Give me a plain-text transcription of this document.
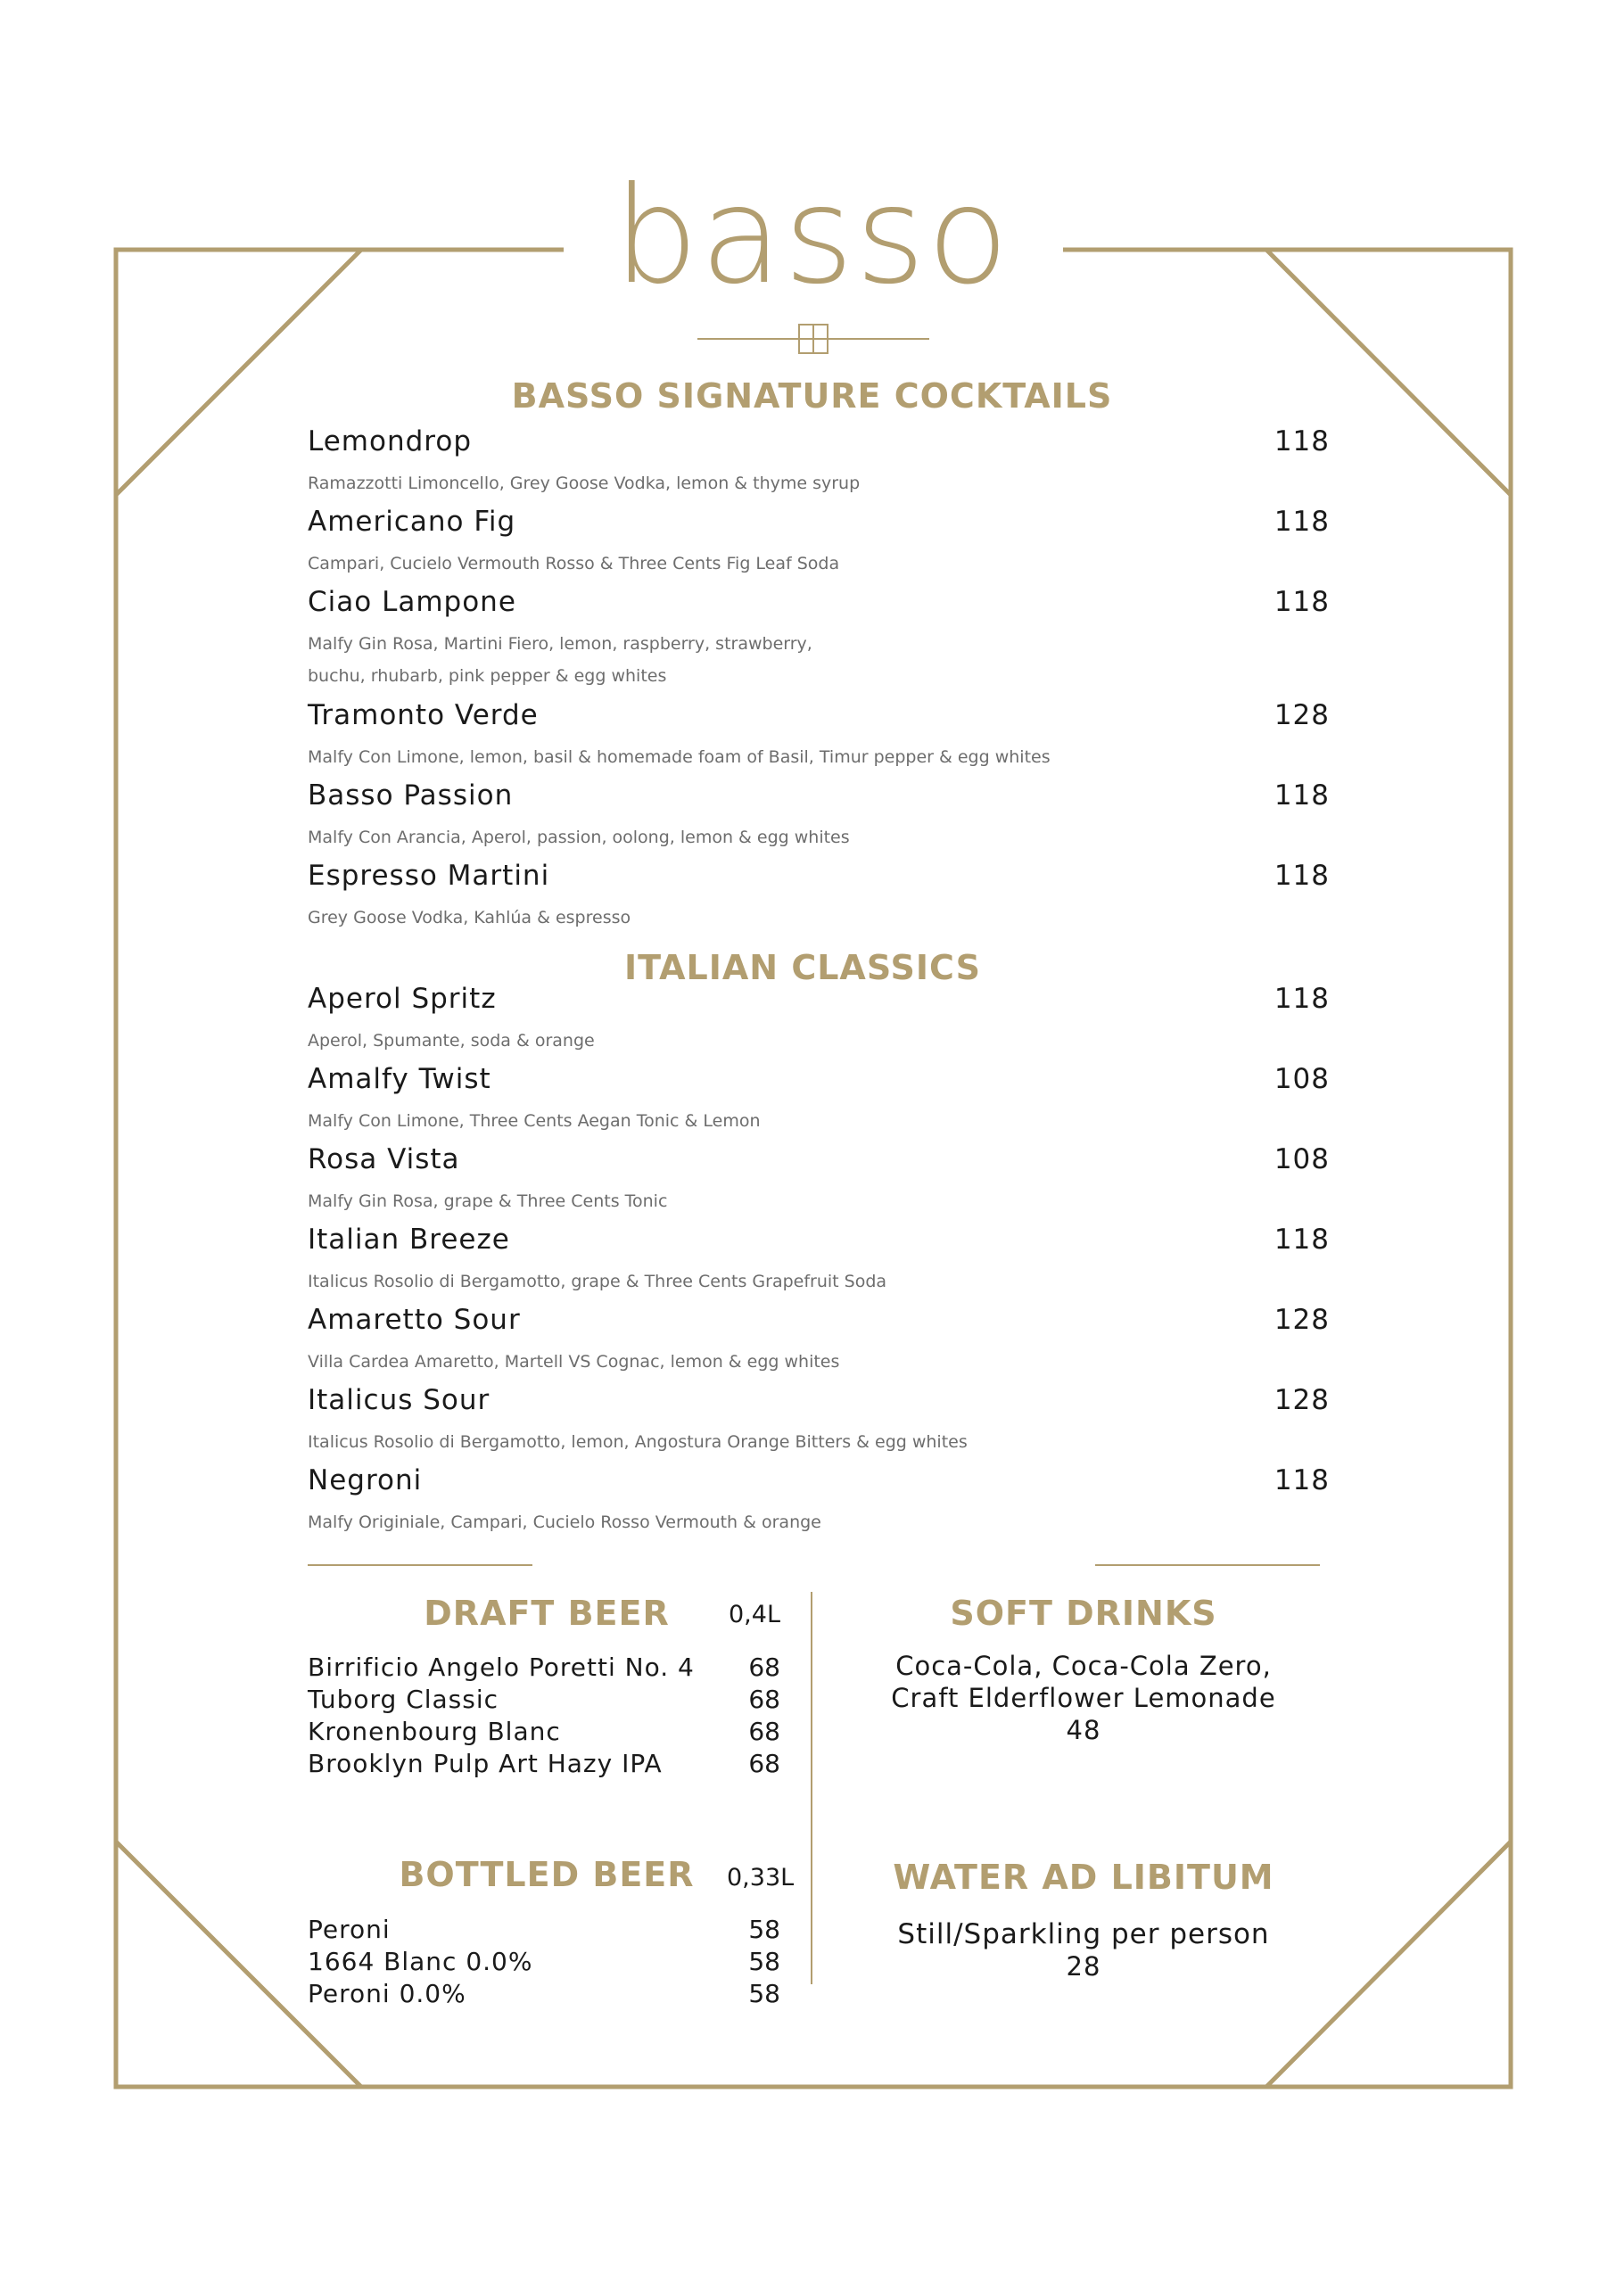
basso
BASSO SIGNATURE COCKTAILS
Lemondrop	118
Ramazzotti Limoncello, Grey Goose Vodka, lemon & thyme syrup
Americano Fig	118
Campari, Cucielo Vermouth Rosso & Three Cents Fig Leaf Soda
Ciao Lampone	118
Malfy Gin Rosa, Martini Fiero, lemon, raspberry, strawberry,
buchu, rhubarb, pink pepper & egg whites
Tramonto Verde	128
Malfy Con Limone, lemon, basil & homemade foam of Basil, Timur pepper & egg whites
Basso Passion	118
Malfy Con Arancia, Aperol, passion, oolong, lemon & egg whites
Espresso Martini	118
Grey Goose Vodka, Kahlúa & espresso
ITALIAN CLASSICS
Aperol Spritz	118
Aperol, Spumante, soda & orange
Amalfy Twist	108
Malfy Con Limone, Three Cents Aegan Tonic & Lemon
Rosa Vista	108
Malfy Gin Rosa, grape & Three Cents Tonic
Italian Breeze	118
Italicus Rosolio di Bergamotto, grape & Three Cents Grapefruit Soda
Amaretto Sour	128
Villa Cardea Amaretto, Martell VS Cognac, lemon & egg whites
Italicus Sour	128
Italicus Rosolio di Bergamotto, lemon, Angostura Orange Bitters & egg whites
Negroni	118
Malfy Originiale, Campari, Cucielo Rosso Vermouth & orange
DRAFT BEER	0,4L
Birrificio Angelo Poretti No. 4	68
Tuborg Classic	68
Kronenbourg Blanc	68
Brooklyn Pulp Art Hazy IPA	68
BOTTLED BEER	0,33L
Peroni	58
1664 Blanc 0.0%	58
Peroni 0.0%	58
SOFT DRINKS
Coca-Cola, Coca-Cola Zero,
Craft Elderflower Lemonade
48
WATER AD LIBITUM
Still/Sparkling per person
28
